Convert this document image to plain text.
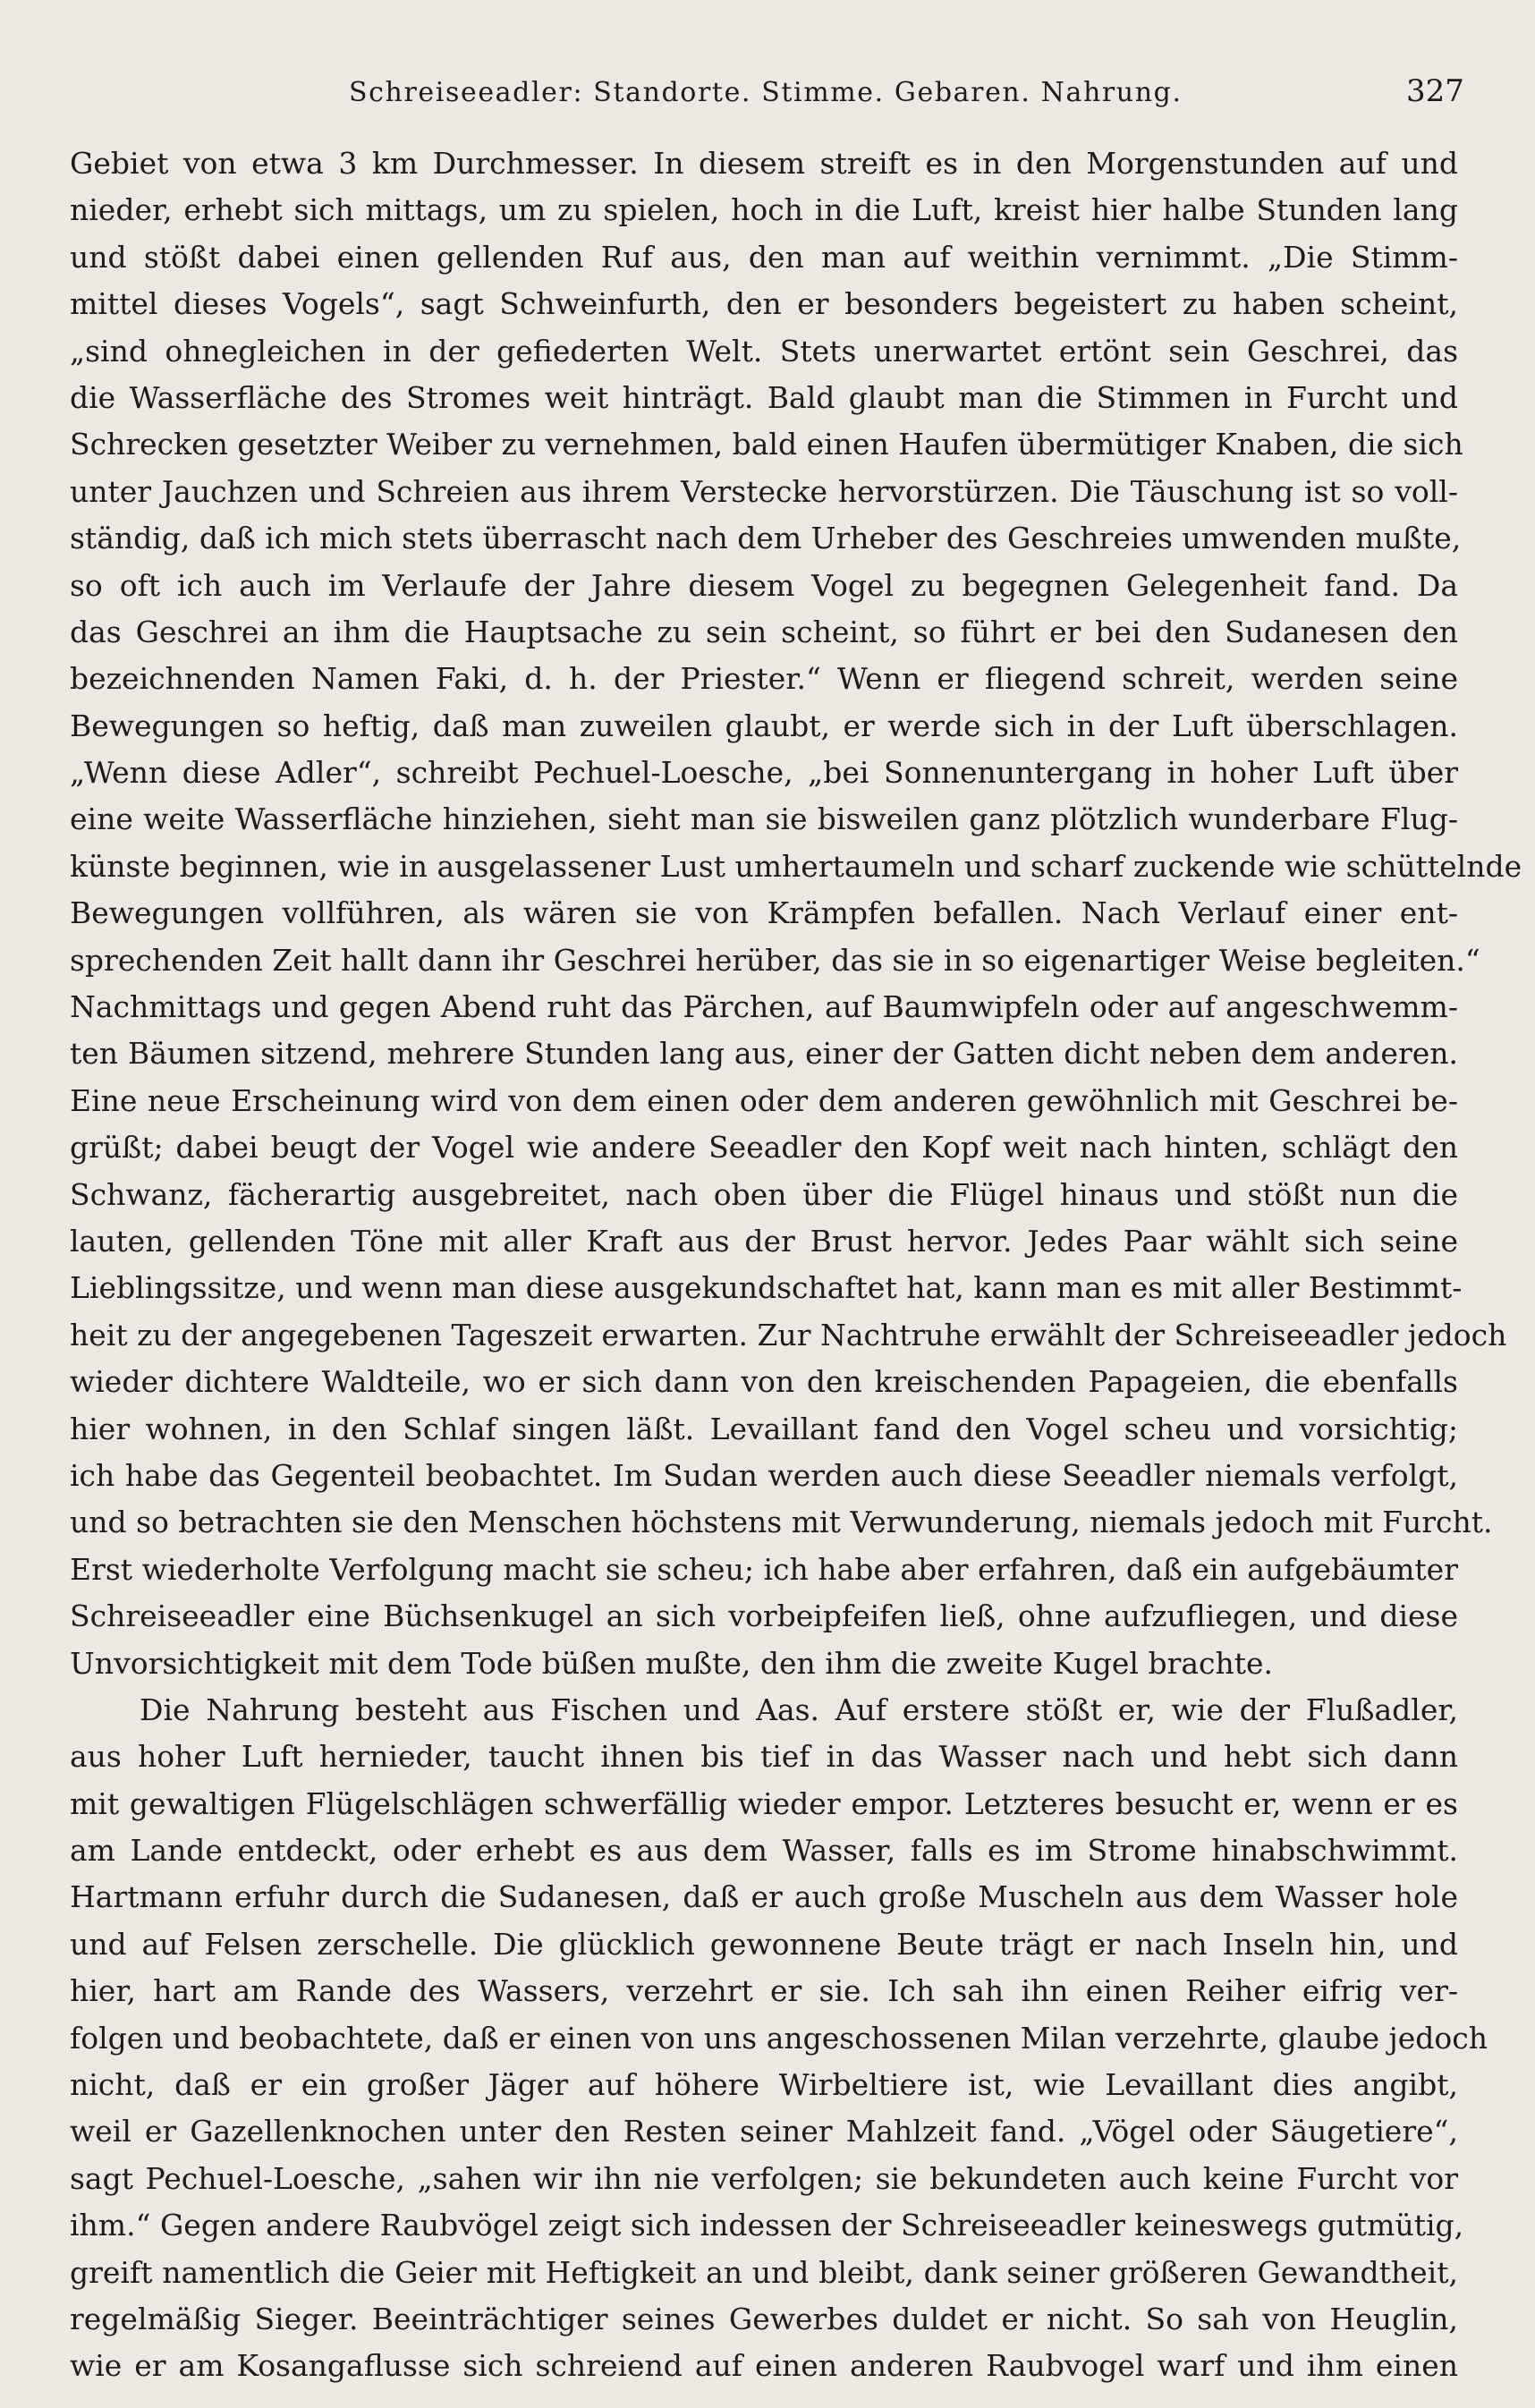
Schreiseeadler: Standorte. Stimme. Gebaren. Nahrung.	327
Gebiet von etwa 3 km Durchmesser. In diesem streift es in den Morgenstunden auf und
nieder, erhebt sich mittags, um zu spielen, hoch in die Luft, kreist hier halbe Stunden lang
und stößt dabei einen gellenden Ruf aus, den man auf weithin vernimmt. „Die Stimm-
mittel dieses Vogels“, sagt Schweinfurth, den er besonders begeistert zu haben scheint,
„sind ohnegleichen in der gefiederten Welt. Stets unerwartet ertönt sein Geschrei, das
die Wasserfläche des Stromes weit hinträgt. Bald glaubt man die Stimmen in Furcht und
Schrecken gesetzter Weiber zu vernehmen, bald einen Haufen übermütiger Knaben, die sich
unter Jauchzen und Schreien aus ihrem Verstecke hervorstürzen. Die Täuschung ist so voll-
ständig, daß ich mich stets überrascht nach dem Urheber des Geschreies umwenden mußte,
so oft ich auch im Verlaufe der Jahre diesem Vogel zu begegnen Gelegenheit fand. Da
das Geschrei an ihm die Hauptsache zu sein scheint, so führt er bei den Sudanesen den
bezeichnenden Namen Faki, d. h. der Priester.“ Wenn er fliegend schreit, werden seine
Bewegungen so heftig, daß man zuweilen glaubt, er werde sich in der Luft überschlagen.
„Wenn diese Adler“, schreibt Pechuel-Loesche, „bei Sonnenuntergang in hoher Luft über
eine weite Wasserfläche hinziehen, sieht man sie bisweilen ganz plötzlich wunderbare Flug-
künste beginnen, wie in ausgelassener Lust umhertaumeln und scharf zuckende wie schüttelnde
Bewegungen vollführen, als wären sie von Krämpfen befallen. Nach Verlauf einer ent-
sprechenden Zeit hallt dann ihr Geschrei herüber, das sie in so eigenartiger Weise begleiten.“
Nachmittags und gegen Abend ruht das Pärchen, auf Baumwipfeln oder auf angeschwemm-
ten Bäumen sitzend, mehrere Stunden lang aus, einer der Gatten dicht neben dem anderen.
Eine neue Erscheinung wird von dem einen oder dem anderen gewöhnlich mit Geschrei be-
grüßt; dabei beugt der Vogel wie andere Seeadler den Kopf weit nach hinten, schlägt den
Schwanz, fächerartig ausgebreitet, nach oben über die Flügel hinaus und stößt nun die
lauten, gellenden Töne mit aller Kraft aus der Brust hervor. Jedes Paar wählt sich seine
Lieblingssitze, und wenn man diese ausgekundschaftet hat, kann man es mit aller Bestimmt-
heit zu der angegebenen Tageszeit erwarten. Zur Nachtruhe erwählt der Schreiseeadler jedoch
wieder dichtere Waldteile, wo er sich dann von den kreischenden Papageien, die ebenfalls
hier wohnen, in den Schlaf singen läßt. Levaillant fand den Vogel scheu und vorsichtig;
ich habe das Gegenteil beobachtet. Im Sudan werden auch diese Seeadler niemals verfolgt,
und so betrachten sie den Menschen höchstens mit Verwunderung, niemals jedoch mit Furcht.
Erst wiederholte Verfolgung macht sie scheu; ich habe aber erfahren, daß ein aufgebäumter
Schreiseeadler eine Büchsenkugel an sich vorbeipfeifen ließ, ohne aufzufliegen, und diese
Unvorsichtigkeit mit dem Tode büßen mußte, den ihm die zweite Kugel brachte.
Die Nahrung besteht aus Fischen und Aas. Auf erstere stößt er, wie der Flußadler,
aus hoher Luft hernieder, taucht ihnen bis tief in das Wasser nach und hebt sich dann
mit gewaltigen Flügelschlägen schwerfällig wieder empor. Letzteres besucht er, wenn er es
am Lande entdeckt, oder erhebt es aus dem Wasser, falls es im Strome hinabschwimmt.
Hartmann erfuhr durch die Sudanesen, daß er auch große Muscheln aus dem Wasser hole
und auf Felsen zerschelle. Die glücklich gewonnene Beute trägt er nach Inseln hin, und
hier, hart am Rande des Wassers, verzehrt er sie. Ich sah ihn einen Reiher eifrig ver-
folgen und beobachtete, daß er einen von uns angeschossenen Milan verzehrte, glaube jedoch
nicht, daß er ein großer Jäger auf höhere Wirbeltiere ist, wie Levaillant dies angibt,
weil er Gazellenknochen unter den Resten seiner Mahlzeit fand. „Vögel oder Säugetiere“,
sagt Pechuel-Loesche, „sahen wir ihn nie verfolgen; sie bekundeten auch keine Furcht vor
ihm.“ Gegen andere Raubvögel zeigt sich indessen der Schreiseeadler keineswegs gutmütig,
greift namentlich die Geier mit Heftigkeit an und bleibt, dank seiner größeren Gewandtheit,
regelmäßig Sieger. Beeinträchtiger seines Gewerbes duldet er nicht. So sah von Heuglin,
wie er am Kosangaflusse sich schreiend auf einen anderen Raubvogel warf und ihm einen
